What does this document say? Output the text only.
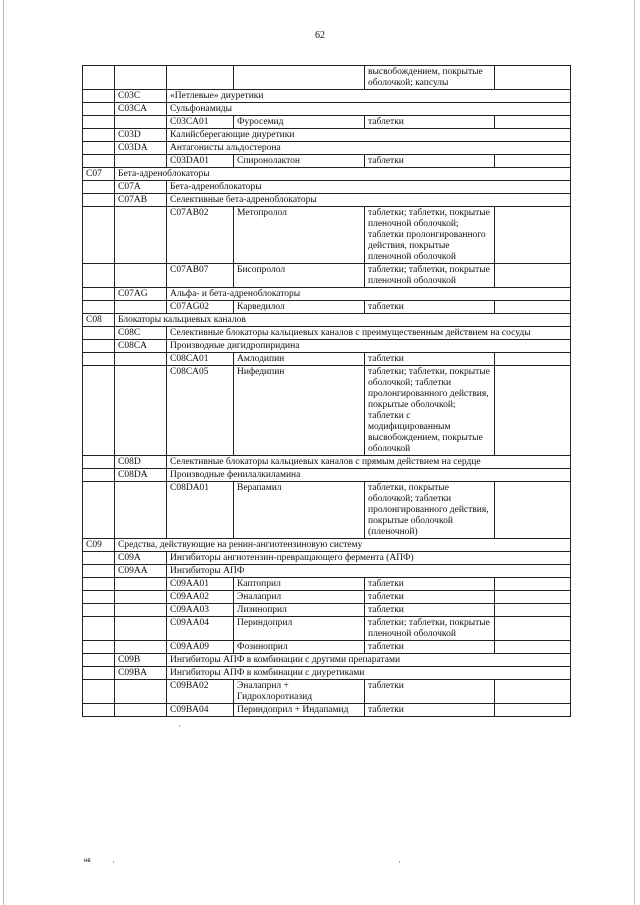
62
				высвобождением, покрытые оболочкой; капсулы	
	C03C	«Петлевые» диуретики			
	C03CA	Сульфонамиды			
		C03CA01	Фуросемид	таблетки	
	C03D	Калийсберегающие диуретики			
	C03DA	Антагонисты альдостерона			
		C03DA01	Спиронолактон	таблетки	
C07	Бета-адреноблокаторы				
	C07A	Бета-адреноблокаторы			
	C07AB	Селективные бета-адреноблокаторы			
		C07AB02	Метопролол	таблетки; таблетки, покрытые пленочной оболочкой; таблетки пролонгированного действия, покрытые пленочной оболочкой	
		C07AB07	Бисопролол	таблетки; таблетки, покрытые пленочной оболочкой	
	C07AG	Альфа- и бета-адреноблокаторы			
		C07AG02	Карведилол	таблетки	
C08	Блокаторы кальциевых каналов				
	C08C	Селективные блокаторы кальциевых каналов с преимущественным действием на сосуды			
	C08CA	Производные дигидропиридина			
		C08CA01	Амлодипин	таблетки	
		C08CA05	Нифедипин	таблетки; таблетки, покрытые оболочкой; таблетки пролонгированного действия, покрытые оболочкой; таблетки с модифицированным высвобождением, покрытые оболочкой	
	C08D	Селективные блокаторы кальциевых каналов с прямым действием на сердце			
	C08DA	Производные фенилалкиламина			
		C08DA01	Верапамил	таблетки, покрытые оболочкой; таблетки пролонгированного действия, покрытые оболочкой (пленочной)	
C09	Средства, действующие на ренин-ангиотензиновую систему				
	C09A	Ингибиторы ангиотензин-превращающего фермента (АПФ)			
	C09AA	Ингибиторы АПФ			
		C09AA01	Каптоприл	таблетки	
		C09AA02	Эналаприл	таблетки	
		C09AA03	Лизиноприл	таблетки	
		C09AA04	Периндоприл	таблетки; таблетки, покрытые пленочной оболочкой	
		C09AA09	Фозиноприл	таблетки	
	C09B	Ингибиторы АПФ в комбинации с другими препаратами			
	C09BA	Ингибиторы АПФ в комбинации с диуретиками			
		C09BA02	Эналаприл + Гидрохлоротиазид	таблетки	
		C09BA04	Периндоприл + Индапамид	таблетки	
нв	·	·
·
